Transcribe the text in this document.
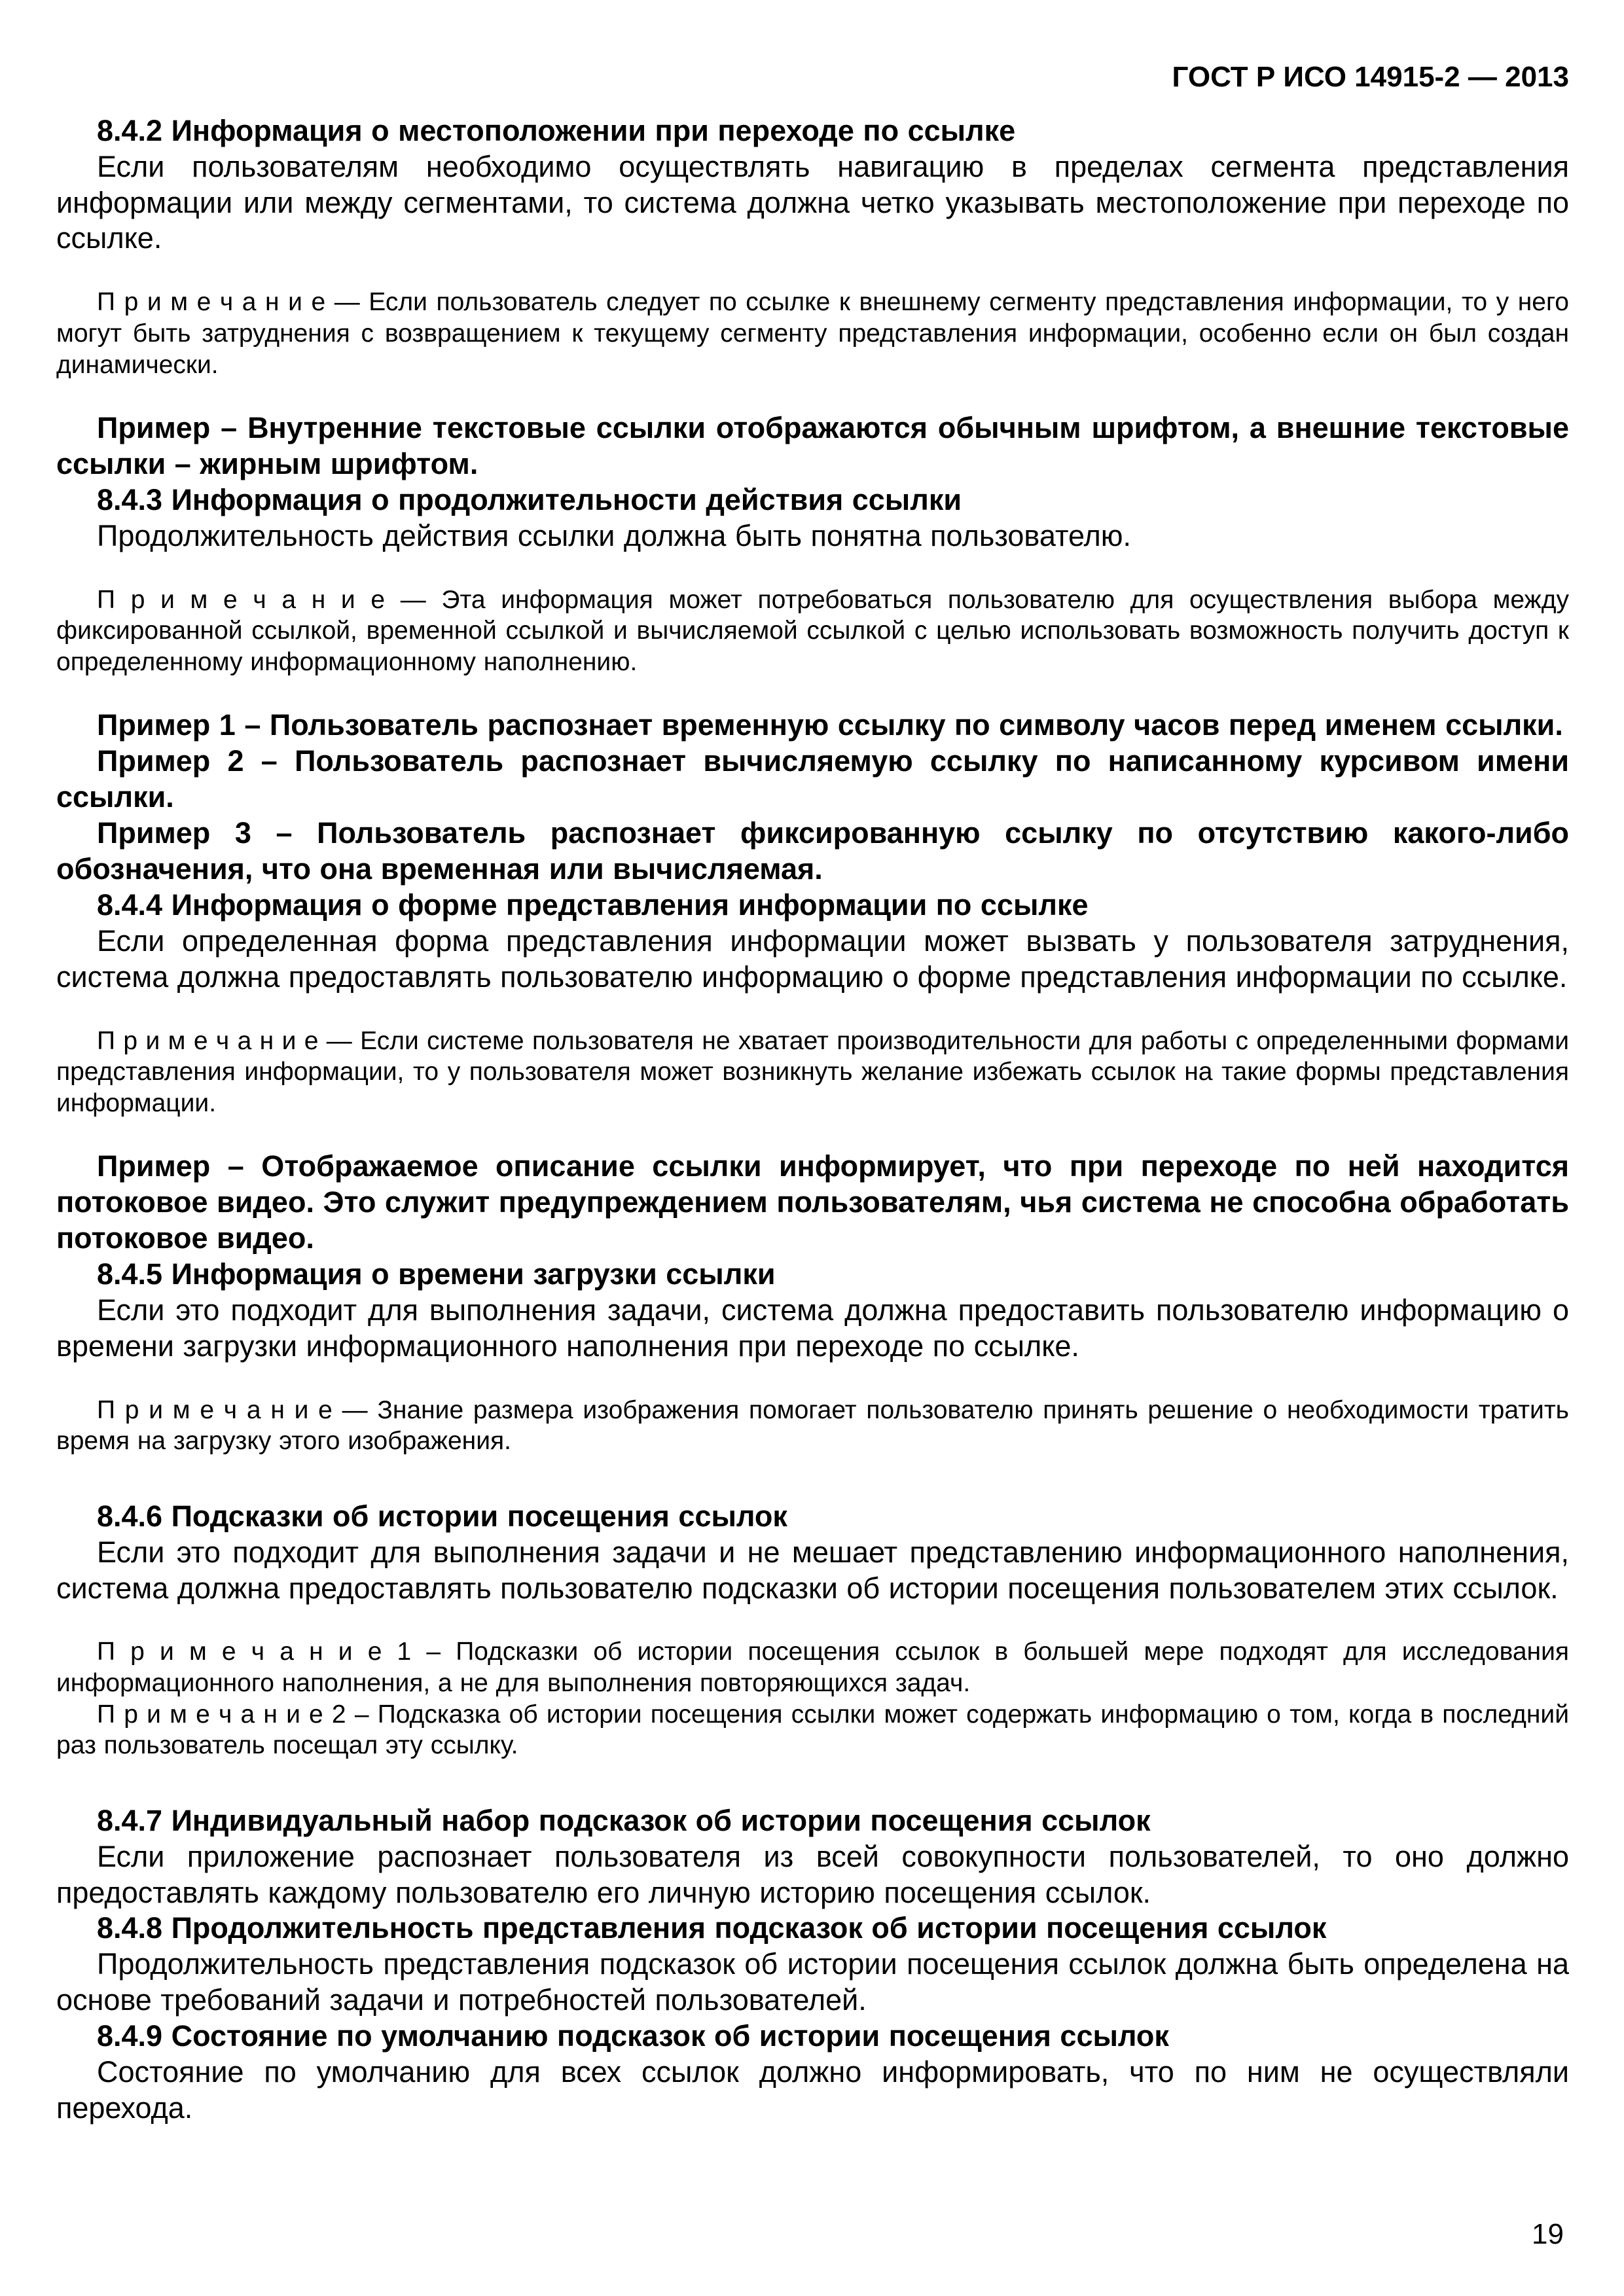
ГОСТ Р ИСО 14915-2 — 2013

8.4.2 Информация о местоположении при переходе по ссылке

Если пользователям необходимо осуществлять навигацию в пределах сегмента представления информации или между сегментами, то система должна четко указывать местоположение при переходе по ссылке.

П р и м е ч а н и е — Если пользователь следует по ссылке к внешнему сегменту представления информации, то у него могут быть затруднения с возвращением к текущему сегменту представления информации, особенно если он был создан динамически.

Пример – Внутренние текстовые ссылки отображаются обычным шрифтом, а внешние текстовые ссылки – жирным шрифтом.

8.4.3 Информация о продолжительности действия ссылки

Продолжительность действия ссылки должна быть понятна пользователю.

П р и м е ч а н и е — Эта информация может потребоваться пользователю для осуществления выбора между фиксированной ссылкой, временной ссылкой и вычисляемой ссылкой с целью использовать возможность получить доступ к определенному информационному наполнению.

Пример 1 – Пользователь распознает временную ссылку по символу часов перед именем ссылки.

Пример 2 – Пользователь распознает вычисляемую ссылку по написанному курсивом имени ссылки.

Пример 3 – Пользователь распознает фиксированную ссылку по отсутствию какого-либо обозначения, что она временная или вычисляемая.

8.4.4 Информация о форме представления информации по ссылке

Если определенная форма представления информации может вызвать у пользователя затруднения, система должна предоставлять пользователю информацию о форме представления информации по ссылке.

П р и м е ч а н и е — Если системе пользователя не хватает производительности для работы с определенными формами представления информации, то у пользователя может возникнуть желание избежать ссылок на такие формы представления информации.

Пример – Отображаемое описание ссылки информирует, что при переходе по ней находится потоковое видео. Это служит предупреждением пользователям, чья система не способна обработать потоковое видео.

8.4.5 Информация о времени загрузки ссылки

Если это подходит для выполнения задачи, система должна предоставить пользователю информацию о времени загрузки информационного наполнения при переходе по ссылке.

П р и м е ч а н и е — Знание размера изображения помогает пользователю принять решение о необходимости тратить время на загрузку этого изображения.

8.4.6 Подсказки об истории посещения ссылок

Если это подходит для выполнения задачи и не мешает представлению информационного наполнения, система должна предоставлять пользователю подсказки об истории посещения пользователем этих ссылок.

П р и м е ч а н и е 1 – Подсказки об истории посещения ссылок в большей мере подходят для исследования информационного наполнения, а не для выполнения повторяющихся задач.

П р и м е ч а н и е 2 – Подсказка об истории посещения ссылки может содержать информацию о том, когда в последний раз пользователь посещал эту ссылку.

8.4.7 Индивидуальный набор подсказок об истории посещения ссылок

Если приложение распознает пользователя из всей совокупности пользователей, то оно должно предоставлять каждому пользователю его личную историю посещения ссылок.

8.4.8 Продолжительность представления подсказок об истории посещения ссылок

Продолжительность представления подсказок об истории посещения ссылок должна быть определена на основе требований задачи и потребностей пользователей.

8.4.9 Состояние по умолчанию подсказок об истории посещения ссылок

Состояние по умолчанию для всех ссылок должно информировать, что по ним не осуществляли перехода.

19
